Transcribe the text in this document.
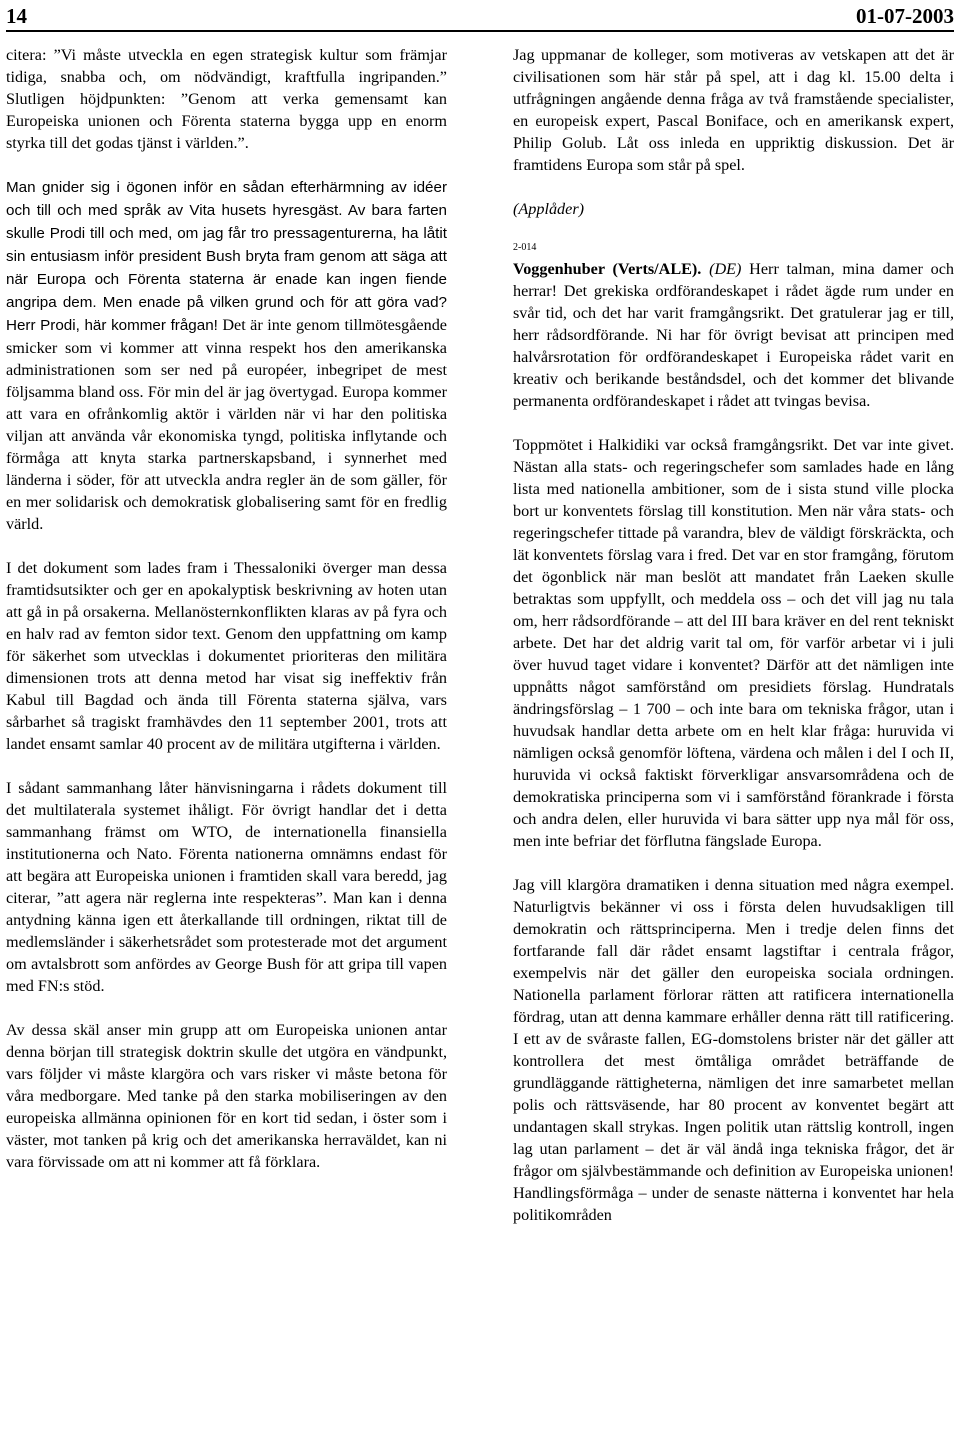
14	01-07-2003

citera: ”Vi måste utveckla en egen strategisk kultur som främjar tidiga, snabba och, om nödvändigt, kraftfulla ingripanden.” Slutligen höjdpunkten: ”Genom att verka gemensamt kan Europeiska unionen och Förenta staterna bygga upp en enorm styrka till det godas tjänst i världen.”.

Man gnider sig i ögonen inför en sådan efterhärmning av idéer och till och med språk av Vita husets hyresgäst. Av bara farten skulle Prodi till och med, om jag får tro pressagenturerna, ha låtit sin entusiasm inför president Bush bryta fram genom att säga att när Europa och Förenta staterna är enade kan ingen fiende angripa dem. Men enade på vilken grund och för att göra vad? Herr Prodi, här kommer frågan! Det är inte genom tillmötesgående smicker som vi kommer att vinna respekt hos den amerikanska administrationen som ser ned på européer, inbegripet de mest följsamma bland oss. För min del är jag övertygad. Europa kommer att vara en ofrånkomlig aktör i världen när vi har den politiska viljan att använda vår ekonomiska tyngd, politiska inflytande och förmåga att knyta starka partnerskapsband, i synnerhet med länderna i söder, för att utveckla andra regler än de som gäller, för en mer solidarisk och demokratisk globalisering samt för en fredlig värld.

I det dokument som lades fram i Thessaloniki överger man dessa framtidsutsikter och ger en apokalyptisk beskrivning av hoten utan att gå in på orsakerna. Mellanösternkonflikten klaras av på fyra och en halv rad av femton sidor text. Genom den uppfattning om kamp för säkerhet som utvecklas i dokumentet prioriteras den militära dimensionen trots att denna metod har visat sig ineffektiv från Kabul till Bagdad och ända till Förenta staterna själva, vars sårbarhet så tragiskt framhävdes den 11 september 2001, trots att landet ensamt samlar 40 procent av de militära utgifterna i världen.

I sådant sammanhang låter hänvisningarna i rådets dokument till det multilaterala systemet ihåligt. För övrigt handlar det i detta sammanhang främst om WTO, de internationella finansiella institutionerna och Nato. Förenta nationerna omnämns endast för att begära att Europeiska unionen i framtiden skall vara beredd, jag citerar, ”att agera när reglerna inte respekteras”. Man kan i denna antydning känna igen ett återkallande till ordningen, riktat till de medlemsländer i säkerhetsrådet som protesterade mot det argument om avtalsbrott som anfördes av George Bush för att gripa till vapen med FN:s stöd.

Av dessa skäl anser min grupp att om Europeiska unionen antar denna början till strategisk doktrin skulle det utgöra en vändpunkt, vars följder vi måste klargöra och vars risker vi måste betona för våra medborgare. Med tanke på den starka mobiliseringen av den europeiska allmänna opinionen för en kort tid sedan, i öster som i väster, mot tanken på krig och det amerikanska herraväldet, kan ni vara förvissade om att ni kommer att få förklara.

Jag uppmanar de kolleger, som motiveras av vetskapen att det är civilisationen som här står på spel, att i dag kl. 15.00 delta i utfrågningen angående denna fråga av två framstående specialister, en europeisk expert, Pascal Boniface, och en amerikansk expert, Philip Golub. Låt oss inleda en uppriktig diskussion. Det är framtidens Europa som står på spel.

(Applåder)

2-014

Voggenhuber (Verts/ALE). (DE) Herr talman, mina damer och herrar! Det grekiska ordförandeskapet i rådet ägde rum under en svår tid, och det har varit framgångsrikt. Det gratulerar jag er till, herr rådsordförande. Ni har för övrigt bevisat att principen med halvårsrotation för ordförandeskapet i Europeiska rådet varit en kreativ och berikande beståndsdel, och det kommer det blivande permanenta ordförandeskapet i rådet att tvingas bevisa.

Toppmötet i Halkidiki var också framgångsrikt. Det var inte givet. Nästan alla stats- och regeringschefer som samlades hade en lång lista med nationella ambitioner, som de i sista stund ville plocka bort ur konventets förslag till konstitution. Men när våra stats- och regeringschefer tittade på varandra, blev de väldigt förskräckta, och lät konventets förslag vara i fred. Det var en stor framgång, förutom det ögonblick när man beslöt att mandatet från Laeken skulle betraktas som uppfyllt, och meddela oss – och det vill jag nu tala om, herr rådsordförande – att del III bara kräver en del rent tekniskt arbete. Det har det aldrig varit tal om, för varför arbetar vi i juli över huvud taget vidare i konventet? Därför att det nämligen inte uppnåtts något samförstånd om presidiets förslag. Hundratals ändringsförslag – 1 700 – och inte bara om tekniska frågor, utan i huvudsak handlar detta arbete om en helt klar fråga: huruvida vi nämligen också genomför löftena, värdena och målen i del I och II, huruvida vi också faktiskt förverkligar ansvarsområdena och de demokratiska principerna som vi i samförstånd förankrade i första och andra delen, eller huruvida vi bara sätter upp nya mål för oss, men inte befriar det förflutna fängslade Europa.

Jag vill klargöra dramatiken i denna situation med några exempel. Naturligtvis bekänner vi oss i första delen huvudsakligen till demokratin och rättsprinciperna. Men i tredje delen finns det fortfarande fall där rådet ensamt lagstiftar i centrala frågor, exempelvis när det gäller den europeiska sociala ordningen. Nationella parlament förlorar rätten att ratificera internationella fördrag, utan att denna kammare erhåller denna rätt till ratificering. I ett av de svåraste fallen, EG-domstolens brister när det gäller att kontrollera det mest ömtåliga området beträffande de grundläggande rättigheterna, nämligen det inre samarbetet mellan polis och rättsväsende, har 80 procent av konventet begärt att undantagen skall strykas. Ingen politik utan rättslig kontroll, ingen lag utan parlament – det är väl ändå inga tekniska frågor, det är frågor om självbestämmande och definition av Europeiska unionen! Handlingsförmåga – under de senaste nätterna i konventet har hela politikområden
